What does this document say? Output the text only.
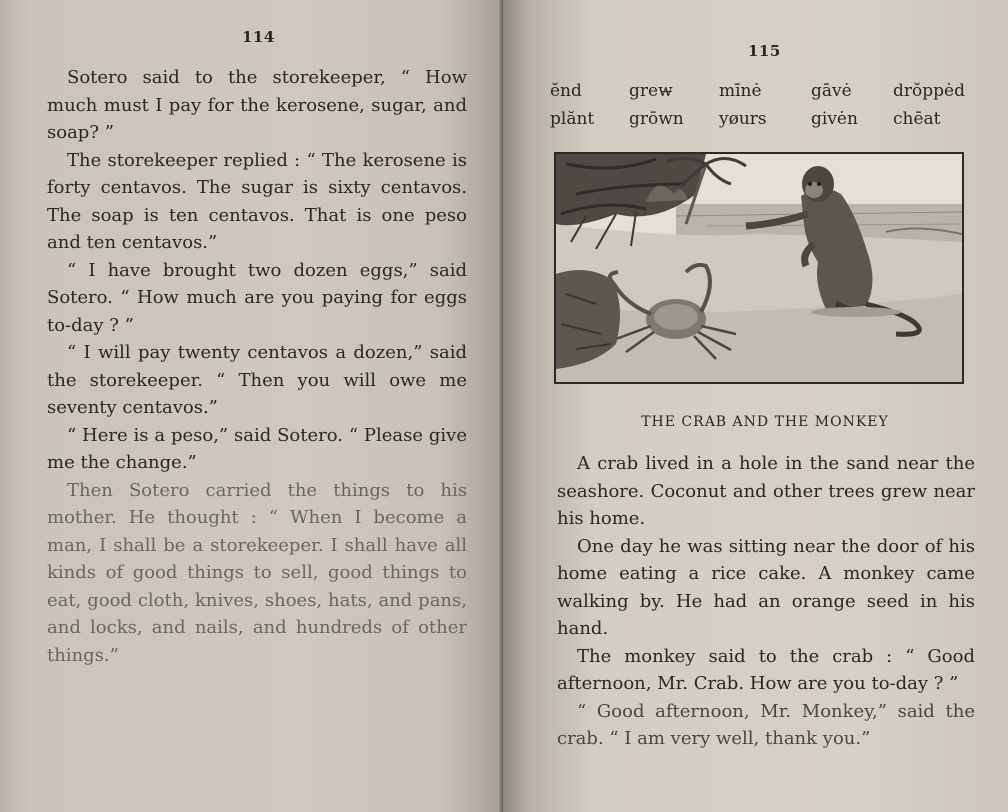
114

Sotero said to the storekeeper, “ How much must I pay for the kerosene, sugar, and soap? ”

The storekeeper replied : “ The kerosene is forty centavos. The sugar is sixty centavos. The soap is ten centavos. That is one peso and ten centavos.”

“ I have brought two dozen eggs,” said Sotero. “ How much are you paying for eggs to-day ? ”

“ I will pay twenty centavos a dozen,” said the storekeeper. “ Then you will owe me seventy centavos.”

“ Here is a peso,” said Sotero. “ Please give me the change.”

Then Sotero carried the things to his mother. He thought : “ When I become a man, I shall be a storekeeper. I shall have all kinds of good things to sell, good things to eat, good cloth, knives, shoes, hats, and pans, and locks, and nails, and hundreds of other things.”

115
ĕnd	grew̶	mīnė	gāvė	drŏppėd
plănt	grōwn	yøurs	givėn	chēat
THE CRAB AND THE MONKEY

A crab lived in a hole in the sand near the seashore. Coconut and other trees grew near his home.

One day he was sitting near the door of his home eating a rice cake. A monkey came walking by. He had an orange seed in his hand.

The monkey said to the crab : “ Good afternoon, Mr. Crab. How are you to-day ? ”

“ Good afternoon, Mr. Monkey,” said the crab. “ I am very well, thank you.”
